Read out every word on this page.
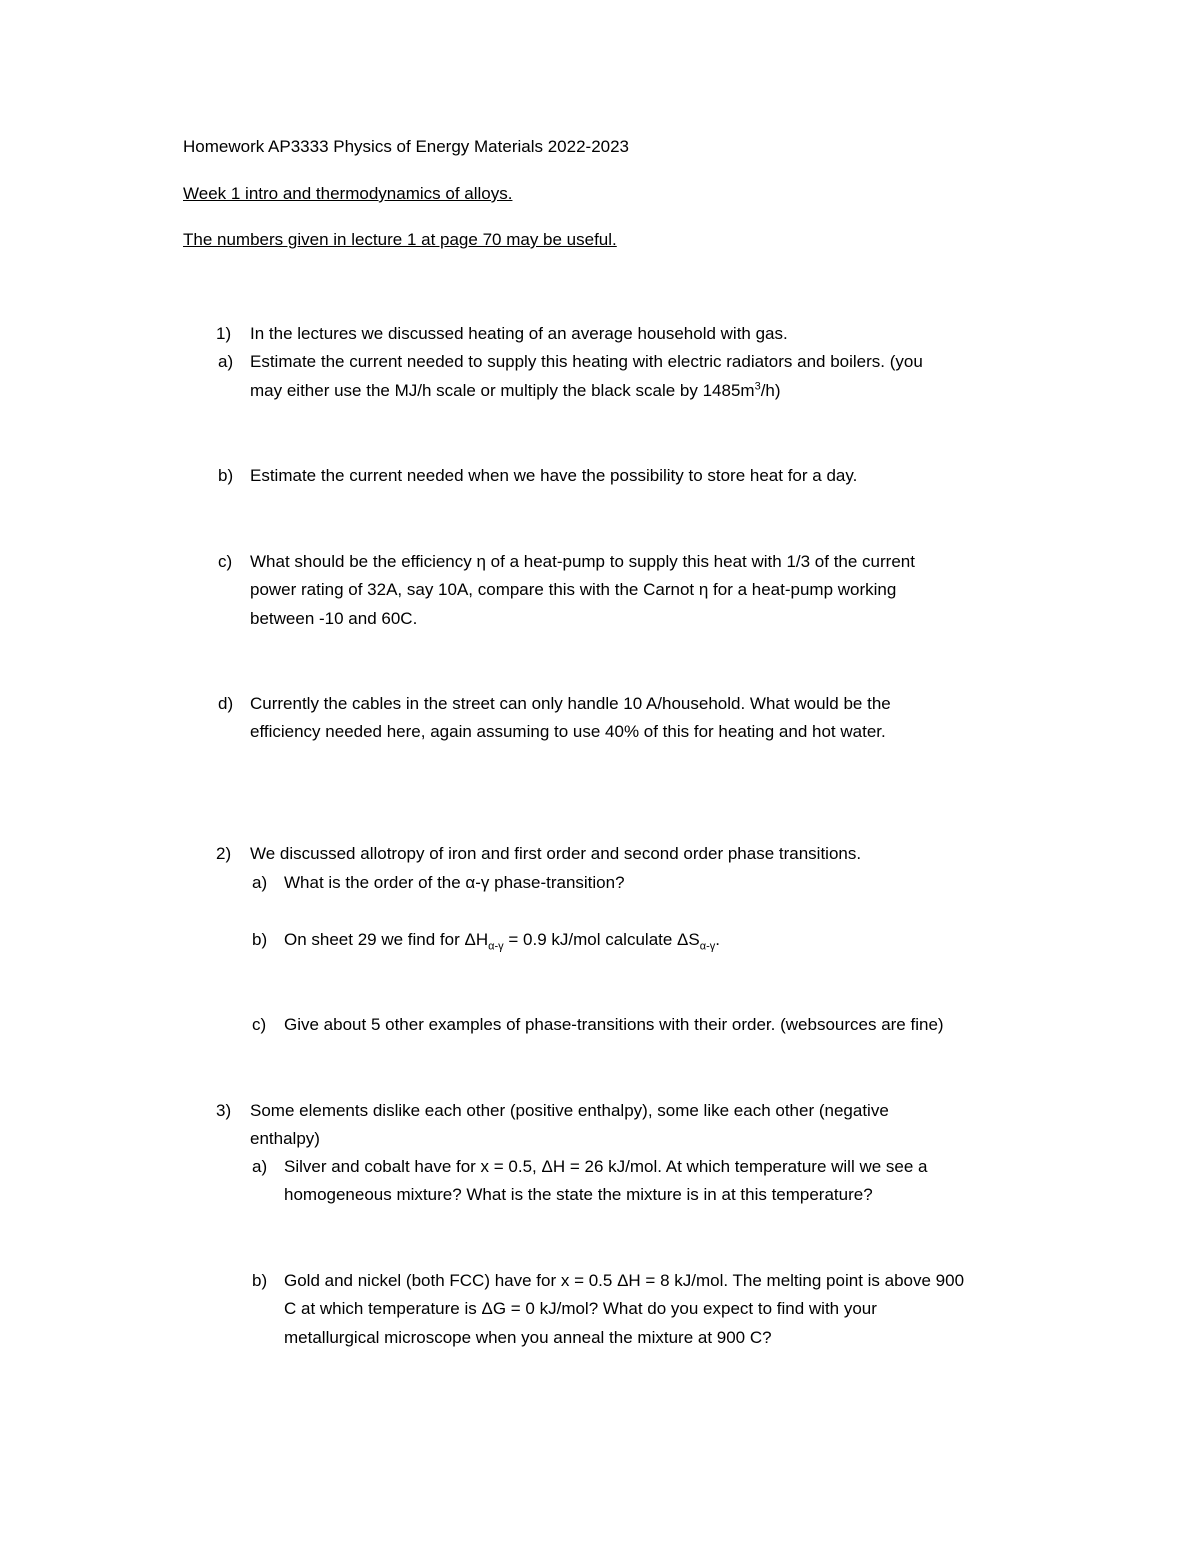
Homework AP3333 Physics of Energy Materials 2022-2023
Week 1 intro and thermodynamics of alloys.
The numbers given in lecture 1 at page 70 may be useful.
1) In the lectures we discussed heating of an average household with gas.
a) Estimate the current needed to supply this heating with electric radiators and boilers. (you
may either use the MJ/h scale or multiply the black scale by $1485m^3/h$)
b) Estimate the current needed when we have the possibility to store heat for a day.
c) What should be the efficiency η of a heat-pump to supply this heat with 1/3 of the current
power rating of 32A, say 10A, compare this with the Carnot η for a heat-pump working
between -10 and 60C.
d) Currently the cables in the street can only handle 10 A/household. What would be the
efficiency needed here, again assuming to use 40% of this for heating and hot water.
2) We discussed allotropy of iron and first order and second order phase transitions.
a) What is the order of the α-γ phase-transition?
b) On sheet 29 we find for $\Delta H_{\alpha-\gamma} = 0.9$ kJ/mol calculate $\Delta S_{\alpha-\gamma}$.
c) Give about 5 other examples of phase-transitions with their order. (websources are fine)
3) Some elements dislike each other (positive enthalpy), some like each other (negative
enthalpy)
a) Silver and cobalt have for x = 0.5, ΔH = 26 kJ/mol. At which temperature will we see a
homogeneous mixture? What is the state the mixture is in at this temperature?
b) Gold and nickel (both FCC) have for x = 0.5 ΔH = 8 kJ/mol. The melting point is above 900
C at which temperature is ΔG = 0 kJ/mol? What do you expect to find with your
metallurgical microscope when you anneal the mixture at 900 C?
